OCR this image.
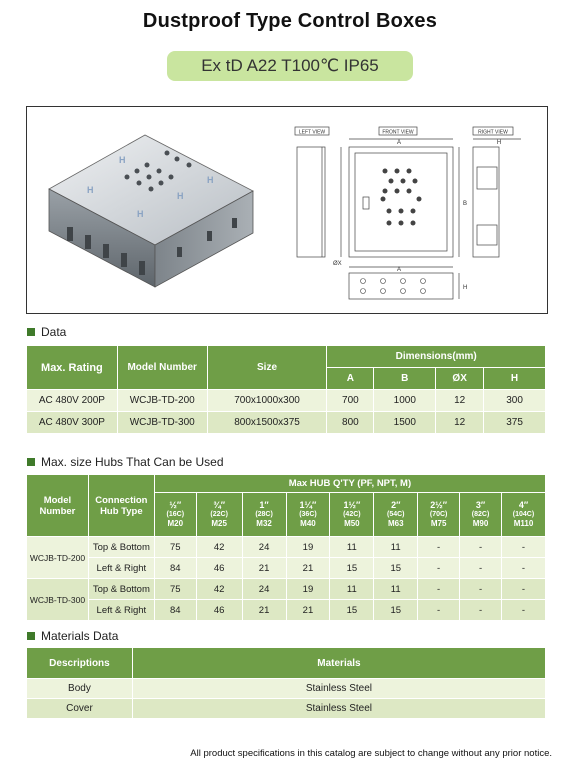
Dustproof Type Control Boxes
Ex tD A22 T100℃ IP65
H
H
H
H
H
LEFT VIEW	FRONT VIEW	RIGHT VIEW
A	H
B
A
H
ØX
Data
Max. Rating	Model Number	Size	Dimensions(mm)			
			A	B	ØX	H
AC 480V 200P	WCJB-TD-200	700x1000x300	700	1000	12	300
AC 480V 300P	WCJB-TD-300	800x1500x375	800	1500	12	375
Max. size Hubs That Can be Used
Model Number	Connection Hub Type	Max HUB Q'TY (PF, NPT, M)								

		½″
(16C)
M20	¾″
(22C)
M25	1″
(28C)
M32	1¼″
(36C)
M40	1½″
(42C)
M50	2″
(54C)
M63	2½″
(70C)
M75	3″
(82C)
M90	4″
(104C)
M110

WCJB-TD-200	Top & Bottom	75	42	24	19	11	11	-	-	-
	Left & Right	84	46	21	21	15	15	-	-	-
WCJB-TD-300	Top & Bottom	75	42	24	19	11	11	-	-	-
	Left & Right	84	46	21	21	15	15	-	-	-
Materials Data
Descriptions	Materials
Body	Stainless Steel
Cover	Stainless Steel
All product specifications in this catalog are subject to change without any prior notice.
